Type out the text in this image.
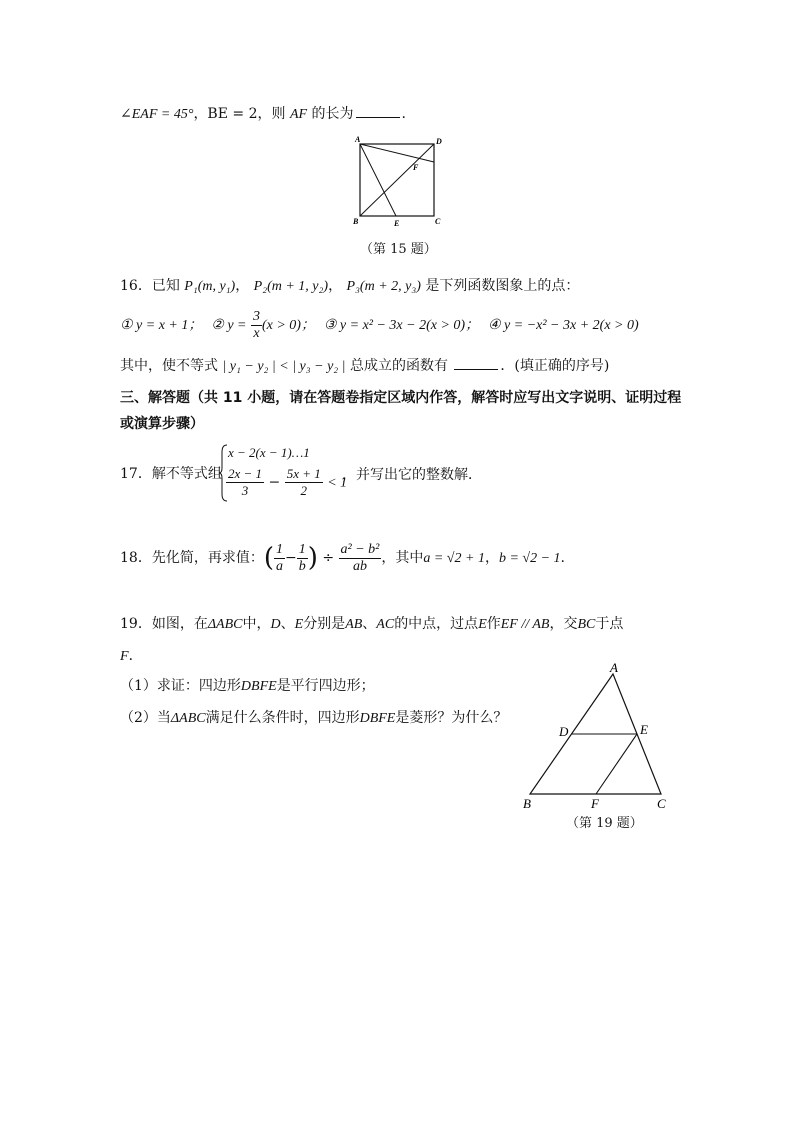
∠EAF = 45°，BE = 2，则 AF 的长为	.
A	D
F
B	E	C
（第 15 题）
16．已知 P₁(m, y₁)， P₂(m + 1, y₂)， P₃(m + 2, y₃) 是下列函数图象上的点：
① y = x + 1； ② $y = \frac{3}{x} (x > 0)$； ③ y = x² − 3x − 2(x > 0)； ④ y = −x² − 3x + 2(x > 0)
其中，使不等式 | y₁ − y₂ | < | y₃ − y₂ | 总成立的函数有	．(填正确的序号)
三、解答题（共 11 小题，请在答题卷指定区域内作答，解答时应写出文字说明、证明过程
或演算步骤）
17．解不等式组
x − 2(x − 1)…1
$\frac{2x - 1}{3} - \frac{5x + 1}{2} < 1$
，并写出它的整数解．
18．先化简，再求值：( $\frac{1}{a} - \frac{1}{b}$ ) ÷ $\frac{\text{a² − b²}}{ab}$ ，其中a = √2 + 1，b = √2 − 1.
19．如图，在ΔABC中，D、E分别是AB、AC的中点，过点E作EF // AB，交BC于点
F．
（1）求证：四边形DBFE是平行四边形；
（2）当ΔABC满足什么条件时，四边形DBFE是菱形？为什么？
A
D	E
B	F	C
（第 19 题）
